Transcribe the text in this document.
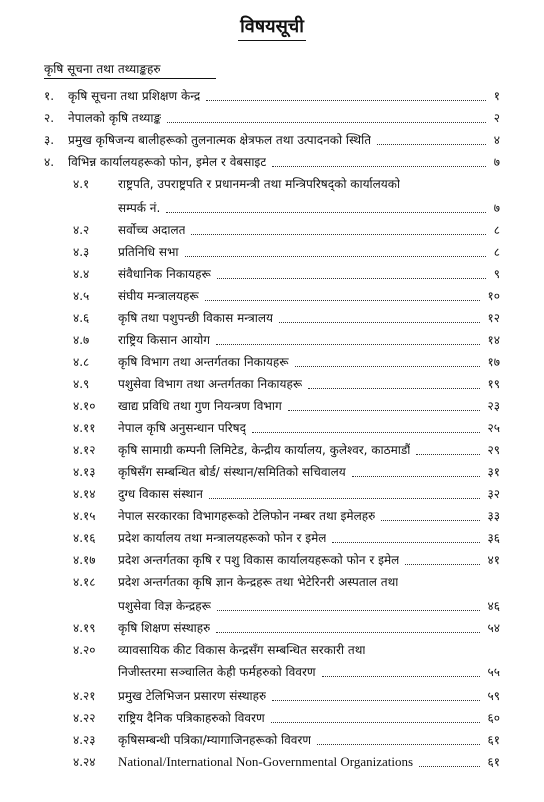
विषयसूची
कृषि सूचना तथा तथ्याङ्कहरु
१. कृषि सूचना तथा प्रशिक्षण केन्द्र	१
२. नेपालको कृषि तथ्याङ्क	२
३. प्रमुख कृषिजन्य बालीहरूको तुलनात्मक क्षेत्रफल तथा उत्पादनको स्थिति	४
४. विभिन्न कार्यालयहरूको फोन, इमेल र वेबसाइट	७
४.१ राष्ट्रपति, उपराष्ट्रपति र प्रधानमन्त्री तथा मन्त्रिपरिषद्को कार्यालयको
सम्पर्क नं.	७
४.२ सर्वोच्च अदालत	८
४.३ प्रतिनिधि सभा	८
४.४ संवैधानिक निकायहरू	९
४.५ संघीय मन्त्रालयहरू	१०
४.६ कृषि तथा पशुपन्छी विकास मन्त्रालय	१२
४.७ राष्ट्रिय किसान आयोग	१४
४.८ कृषि विभाग तथा अन्तर्गतका निकायहरू	१७
४.९ पशुसेवा विभाग तथा अन्तर्गतका निकायहरू	१९
४.१० खाद्य प्रविधि तथा गुण नियन्त्रण विभाग	२३
४.११ नेपाल कृषि अनुसन्धान परिषद्	२५
४.१२ कृषि सामाग्री कम्पनी लिमिटेड, केन्द्रीय कार्यालय, कुलेश्वर, काठमाडौं	२९
४.१३ कृषिसँग सम्बन्धित बोर्ड/ संस्थान/समितिको सचिवालय	३१
४.१४ दुग्ध विकास संस्थान	३२
४.१५ नेपाल सरकारका विभागहरूको टेलिफोन नम्बर तथा इमेलहरु	३३
४.१६ प्रदेश कार्यालय तथा मन्त्रालयहरूको फोन र इमेल	३६
४.१७ प्रदेश अन्तर्गतका कृषि र पशु विकास कार्यालयहरूको फोन र इमेल	४१
४.१८ प्रदेश अन्तर्गतका कृषि ज्ञान केन्द्रहरू तथा भेटेरिनरी अस्पताल तथा
पशुसेवा विज्ञ केन्द्रहरू	४६
४.१९ कृषि शिक्षण संस्थाहरु	५४
४.२० व्यावसायिक कीट विकास केन्द्रसँग सम्बन्धित सरकारी तथा
निजीस्तरमा सञ्चालित केही फर्महरुको विवरण	५५
४.२१ प्रमुख टेलिभिजन प्रसारण संस्थाहरु	५९
४.२२ राष्ट्रिय दैनिक पत्रिकाहरुको विवरण	६०
४.२३ कृषिसम्बन्धी पत्रिका/म्यागाजिनहरूको विवरण	६१
४.२४ National/International Non-Governmental Organizations	६१
